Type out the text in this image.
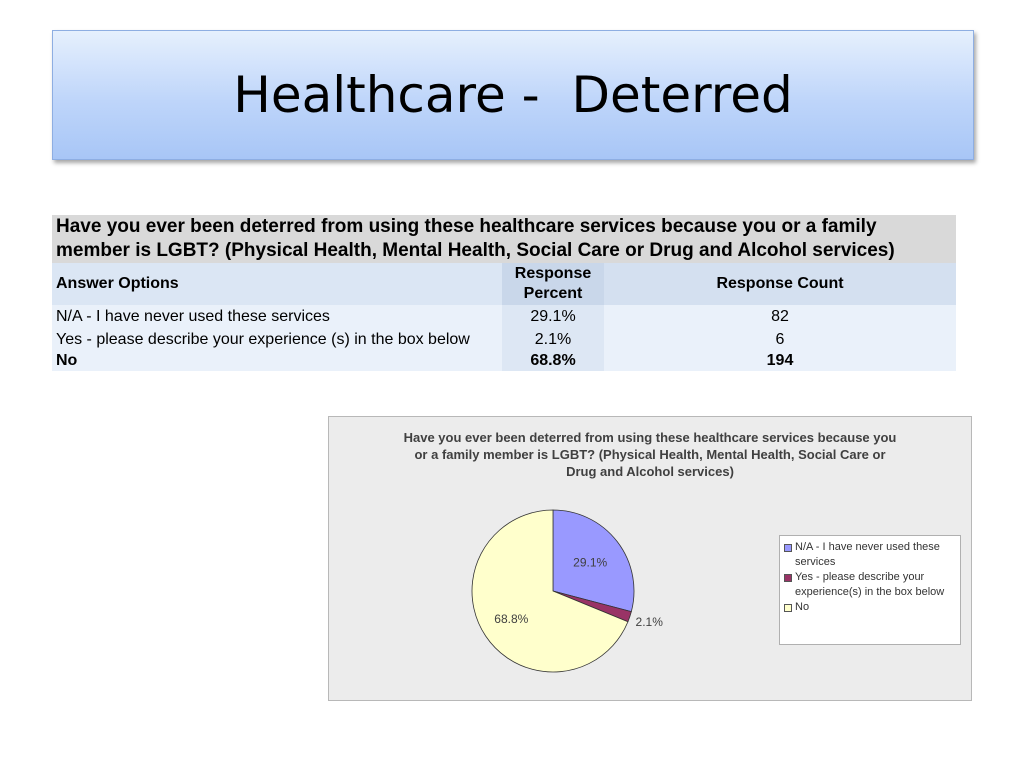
Healthcare -  Deterred
Have you ever been deterred from using these healthcare services because you or a family member is LGBT? (Physical Health, Mental Health, Social Care or Drug and Alcohol services)		
Answer Options	Response Percent	Response Count
N/A - I have never used these services	29.1%	82
Yes - please describe your experience (s) in the box below	2.1%	6
No	68.8%	194
Have you ever been deterred from using these healthcare services because you or a family member is LGBT? (Physical Health, Mental Health, Social Care or Drug and Alcohol services)
29.1%
2.1%
68.8%
N/A - I have never used these services
Yes - please describe your experience(s) in the box below
No
